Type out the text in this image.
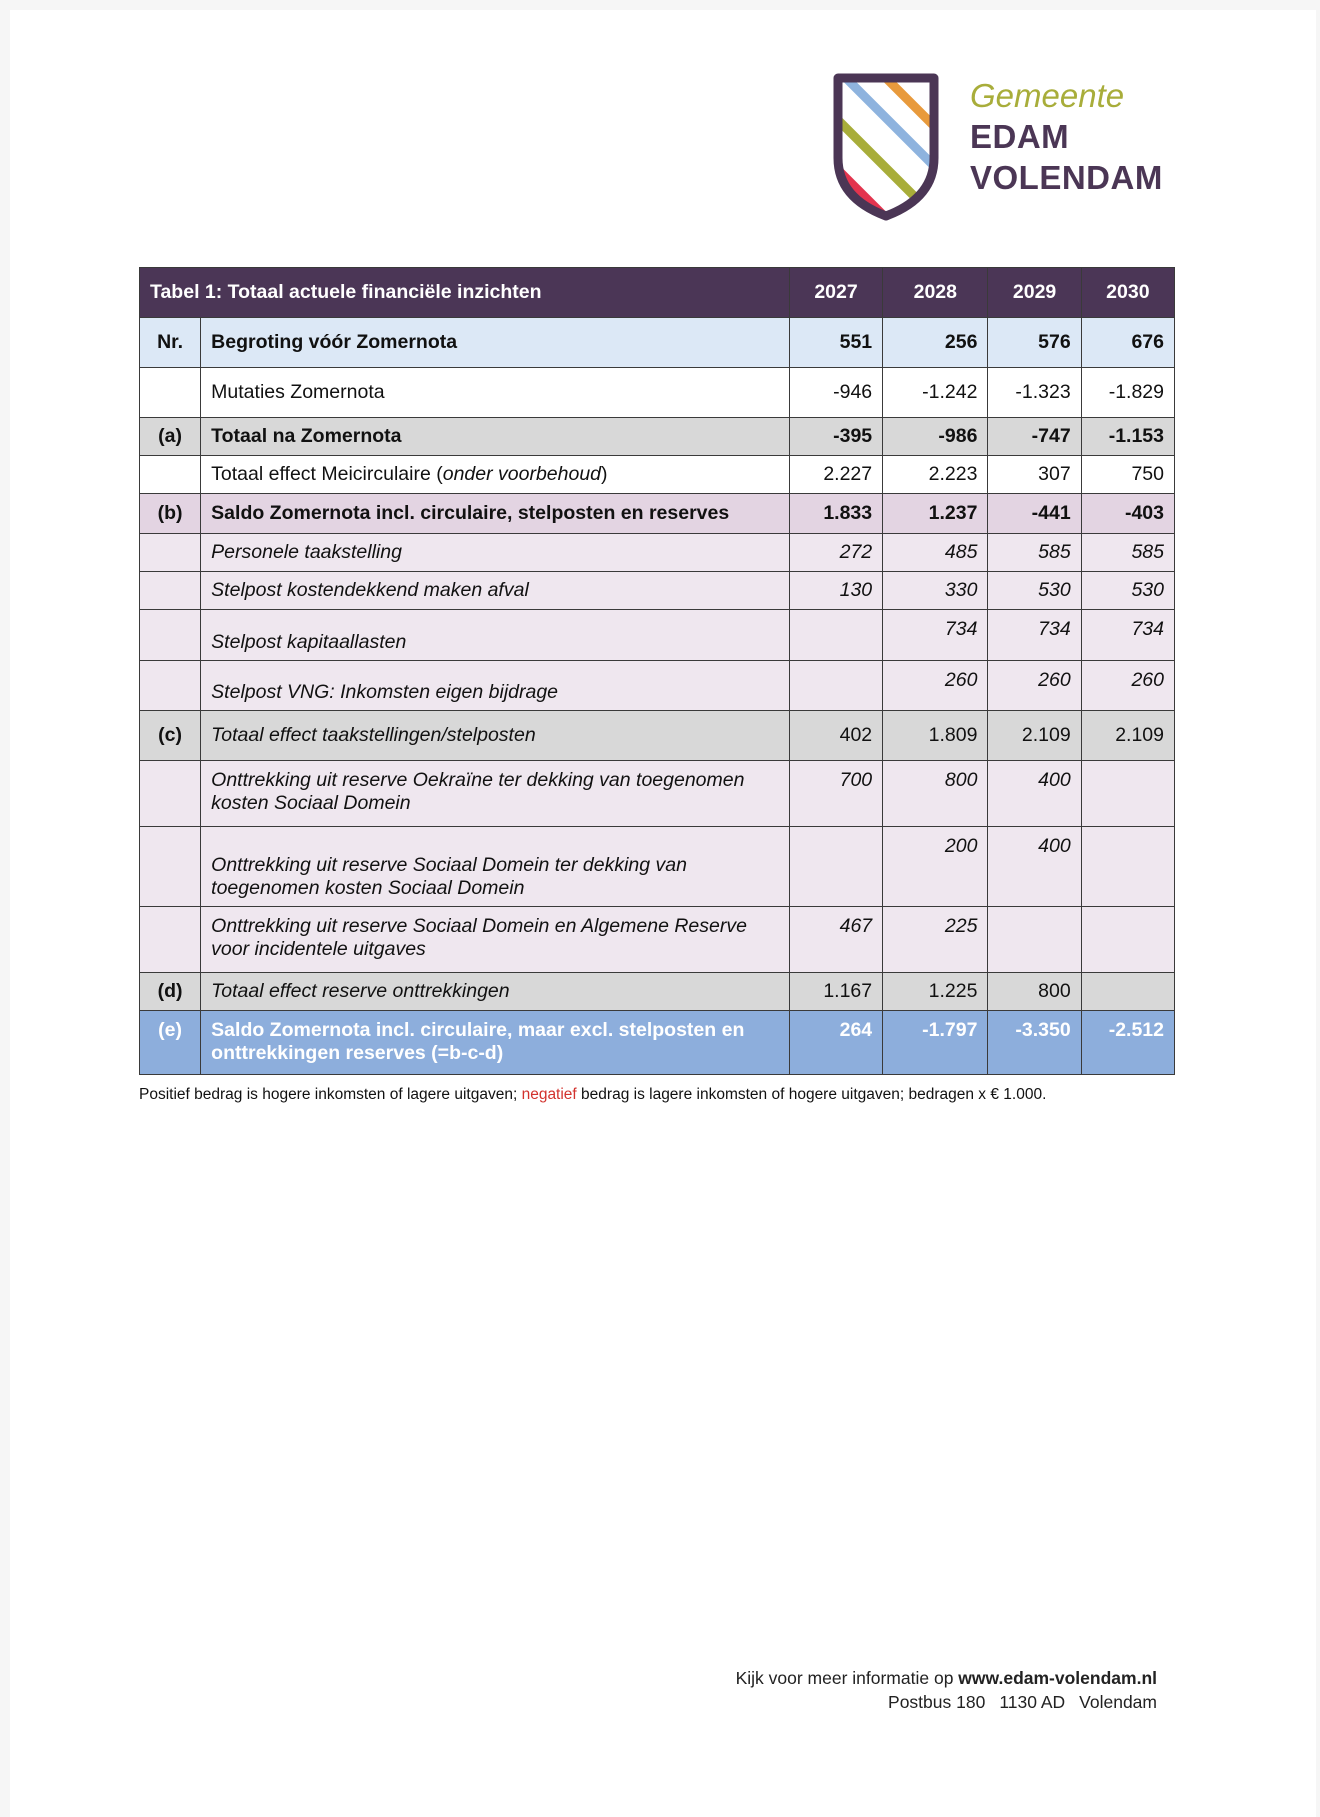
Gemeente
EDAM
VOLENDAM
Tabel 1: Totaal actuele financiële inzichten		2027	2028	2029	2030
Nr.	Begroting vóór Zomernota	551	256	576	676
	Mutaties Zomernota	-946	-1.242	-1.323	-1.829
(a)	Totaal na Zomernota	-395	-986	-747	-1.153
	Totaal effect Meicirculaire (onder voorbehoud)	2.227	2.223	307	750
(b)	Saldo Zomernota incl. circulaire, stelposten en reserves	1.833	1.237	-441	-403
	Personele taakstelling	272	485	585	585
	Stelpost kostendekkend maken afval	130	330	530	530
	Stelpost kapitaallasten		734	734	734
	Stelpost VNG: Inkomsten eigen bijdrage		260	260	260
(c)	Totaal effect taakstellingen/stelposten	402	1.809	2.109	2.109
	Onttrekking uit reserve Oekraïne ter dekking van toegenomen kosten Sociaal Domein	700	800	400	
	Onttrekking uit reserve Sociaal Domein ter dekking van toegenomen kosten Sociaal Domein		200	400	
	Onttrekking uit reserve Sociaal Domein en Algemene Reserve voor incidentele uitgaves	467	225		
(d)	Totaal effect reserve onttrekkingen	1.167	1.225	800	
(e)	Saldo Zomernota incl. circulaire, maar excl. stelposten en onttrekkingen reserves (=b-c-d)	264	-1.797	-3.350	-2.512
Positief bedrag is hogere inkomsten of lagere uitgaven; negatief bedrag is lagere inkomsten of hogere uitgaven; bedragen x € 1.000.
Kijk voor meer informatie op www.edam-volendam.nl
Postbus 180 1130 AD Volendam
